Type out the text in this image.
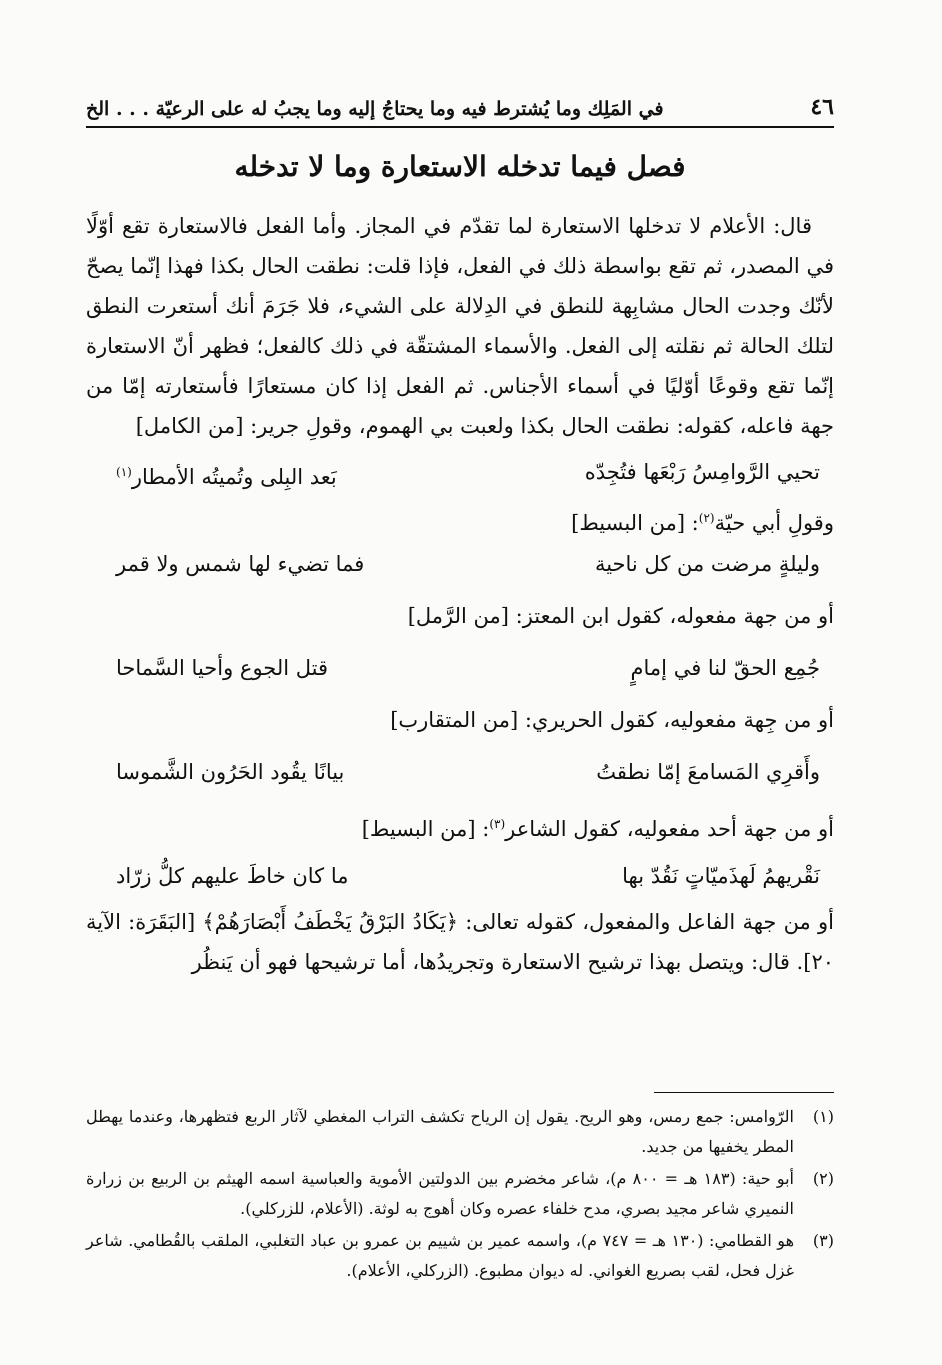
٤٦
في المَلِك وما يُشترط فيه وما يحتاجُ إليه وما يجبُ له على الرعيّة . . . الخ
فصل فيما تدخله الاستعارة وما لا تدخله

قال: الأعلام لا تدخلها الاستعارة لما تقدّم في المجاز. وأما الفعل فالاستعارة تقع أوّلًا في المصدر، ثم تقع بواسطة ذلك في الفعل، فإذا قلت: نطقت الحال بكذا فهذا إنّما يصحّ لأنّك وجدت الحال مشابِهة للنطق في الدِلالة على الشيء، فلا جَرَمَ أنك أستعرت النطق لتلك الحالة ثم نقلته إلى الفعل. والأسماء المشتقّة في ذلك كالفعل؛ فظهر أنّ الاستعارة إنّما تقع وقوعًا أوّليًا في أسماء الأجناس. ثم الفعل إذا كان مستعارًا فأستعارته إمّا من جهة فاعله، كقوله: نطقت الحال بكذا ولعبت بي الهموم، وقولِ جرير: [من الكامل]

تحيي الرَّوامِسُ رَبْعَها فتُجِدّه
بَعد البِلى وتُميتُه الأمطار$^{(١)}$

وقولِ أبي حيّة$^{(٢)}$: [من البسيط]

وليلةٍ مرضت من كل ناحية
فما تضيء لها شمس ولا قمر

أو من جهة مفعوله، كقول ابن المعتز: [من الرَّمل]

جُمِع الحقّ لنا في إمامٍ
قتل الجوع وأحيا السَّماحا

أو من جِهة مفعوليه، كقول الحريري: [من المتقارب]

وأَقرِي المَسامعَ إمّا نطقتُ
بيانًا يقُود الحَرُون الشَّموسا

أو من جهة أحد مفعوليه، كقول الشاعر$^{(٣)}$: [من البسيط]

نَقْريهمُ لَهذَميّاتٍ نَقُدّ بها
ما كان خاطَ عليهم كلُّ زرّاد

أو من جهة الفاعل والمفعول، كقوله تعالى: ﴿يَكَادُ البَرْقُ يَخْطَفُ أَبْصَارَهُمْ﴾ [البَقَرَة: الآية ٢٠]. قال: ويتصل بهذا ترشيح الاستعارة وتجريدُها، أما ترشيحها فهو أن يَنظُر

(١)
الرّوامس: جمع رمس، وهو الريح. يقول إن الرياح تكشف التراب المغطي لآثار الربع فتظهرها، وعندما يهطل المطر يخفيها من جديد.
(٢)
أبو حية: (١٨٣ هـ = ٨٠٠ م)، شاعر مخضرم بين الدولتين الأموية والعباسية اسمه الهيثم بن الربيع بن زرارة النميري شاعر مجيد بصري، مدح خلفاء عصره وكان أهوج به لوثة. (الأعلام، للزركلي).
(٣)
هو القطامي: (١٣٠ هـ = ٧٤٧ م)، واسمه عمير بن شييم بن عمرو بن عباد التغلبي، الملقب بالقُطامي. شاعر غزل فحل، لقب بصريع الغواني. له ديوان مطبوع. (الزركلي، الأعلام).
